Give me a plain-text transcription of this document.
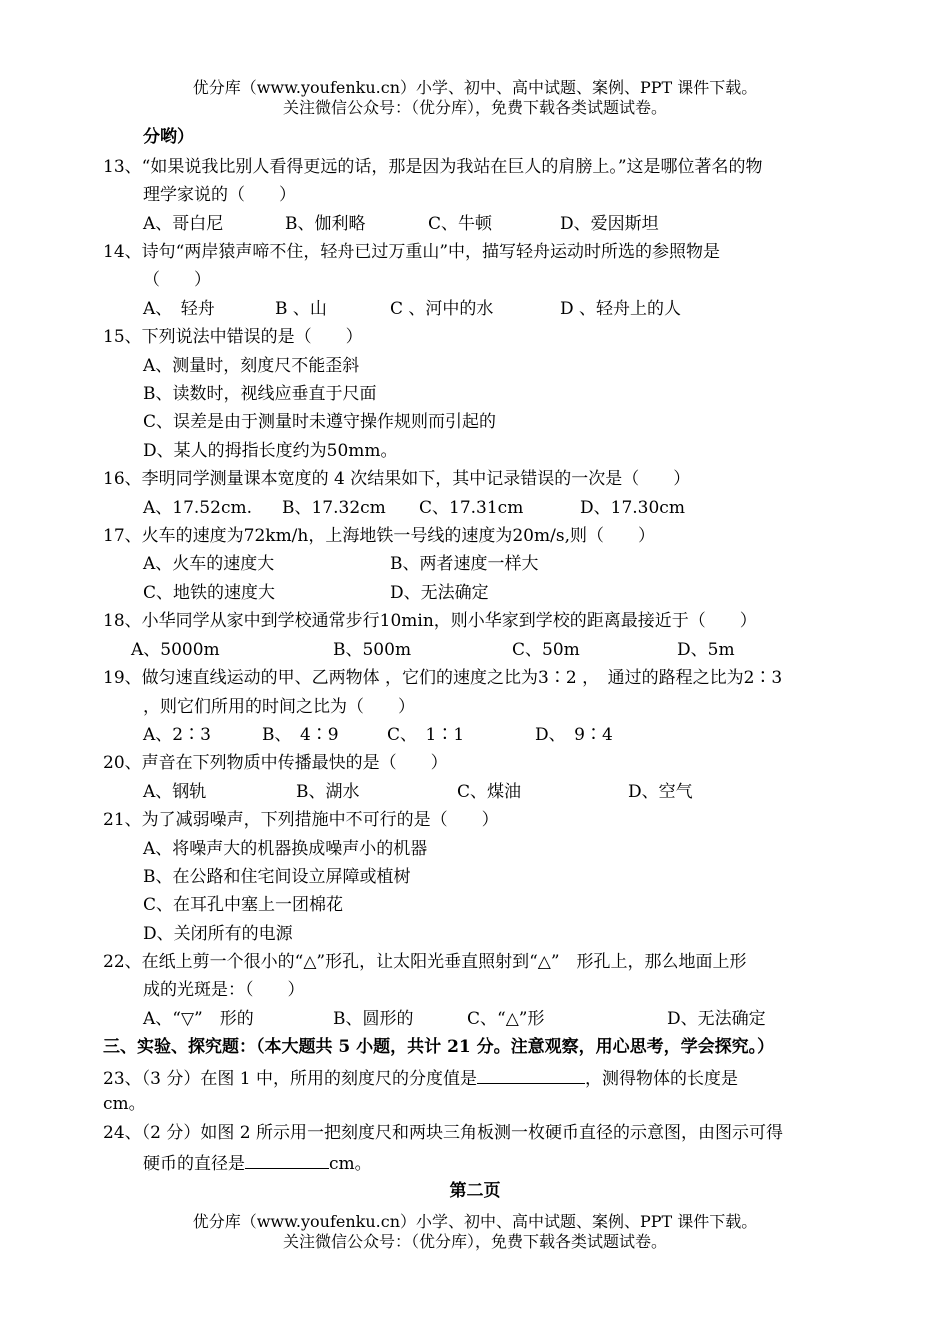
优分库（www.youfenku.cn）小学、初中、高中试题、案例、PPT 课件下载。
关注微信公众号：（优分库），免费下载各类试题试卷。
分哟）
13、“如果说我比别人看得更远的话，那是因为我站在巨人的肩膀上。”这是哪位著名的物
理学家说的（　　）
A、哥白尼	B、伽利略	C、牛顿	D、爱因斯坦
14、诗句“两岸猿声啼不住，轻舟已过万重山”中，描写轻舟运动时所选的参照物是
（　　）
A、　轻舟	B 、山	C 、河中的水	D 、轻舟上的人
15、下列说法中错误的是（　　）
A、测量时，刻度尺不能歪斜
B、读数时，视线应垂直于尺面
C、误差是由于测量时未遵守操作规则而引起的
D、某人的拇指长度约为50mm。
16、李明同学测量课本宽度的 4 次结果如下，其中记录错误的一次是（　　）
A、17.52cm. B、17.32cm C、17.31cm	D、17.30cm
17、火车的速度为72km/h，上海地铁一号线的速度为20m/s,则（　　）
A、火车的速度大	B、两者速度一样大
C、地铁的速度大	D、无法确定
18、小华同学从家中到学校通常步行10min，则小华家到学校的距离最接近于（　　）
A、5000m	B、500m	C、50m	D、5m
19、做匀速直线运动的甲、乙两物体 ，它们的速度之比为3∶2 ，　通过的路程之比为2∶3
，则它们所用的时间之比为（　　）
A、2∶3	B、　4∶9	C、　1∶1	D、　9∶4
20、声音在下列物质中传播最快的是（　　）
A、钢轨	B、湖水	C、煤油	D、空气
21、为了减弱噪声，下列措施中不可行的是（　　）
A、将噪声大的机器换成噪声小的机器
B、在公路和住宅间设立屏障或植树
C、在耳孔中塞上一团棉花
D、关闭所有的电源
22、在纸上剪一个很小的“△”形孔，让太阳光垂直照射到“△”　形孔上，那么地面上形
成的光斑是：（　　）
A、“▽”　形的	B、圆形的	C、“△”形	D、无法确定
三、实验、探究题：（本大题共 5 小题，共计 21 分。注意观察，用心思考，学会探究。）
23、（3 分）在图 1 中，所用的刻度尺的分度值是	，测得物体的长度是
cm。
24、（2 分）如图 2 所示用一把刻度尺和两块三角板测一枚硬币直径的示意图，由图示可得
硬币的直径是	cm。
第二页
优分库（www.youfenku.cn）小学、初中、高中试题、案例、PPT 课件下载。
关注微信公众号：（优分库），免费下载各类试题试卷。
